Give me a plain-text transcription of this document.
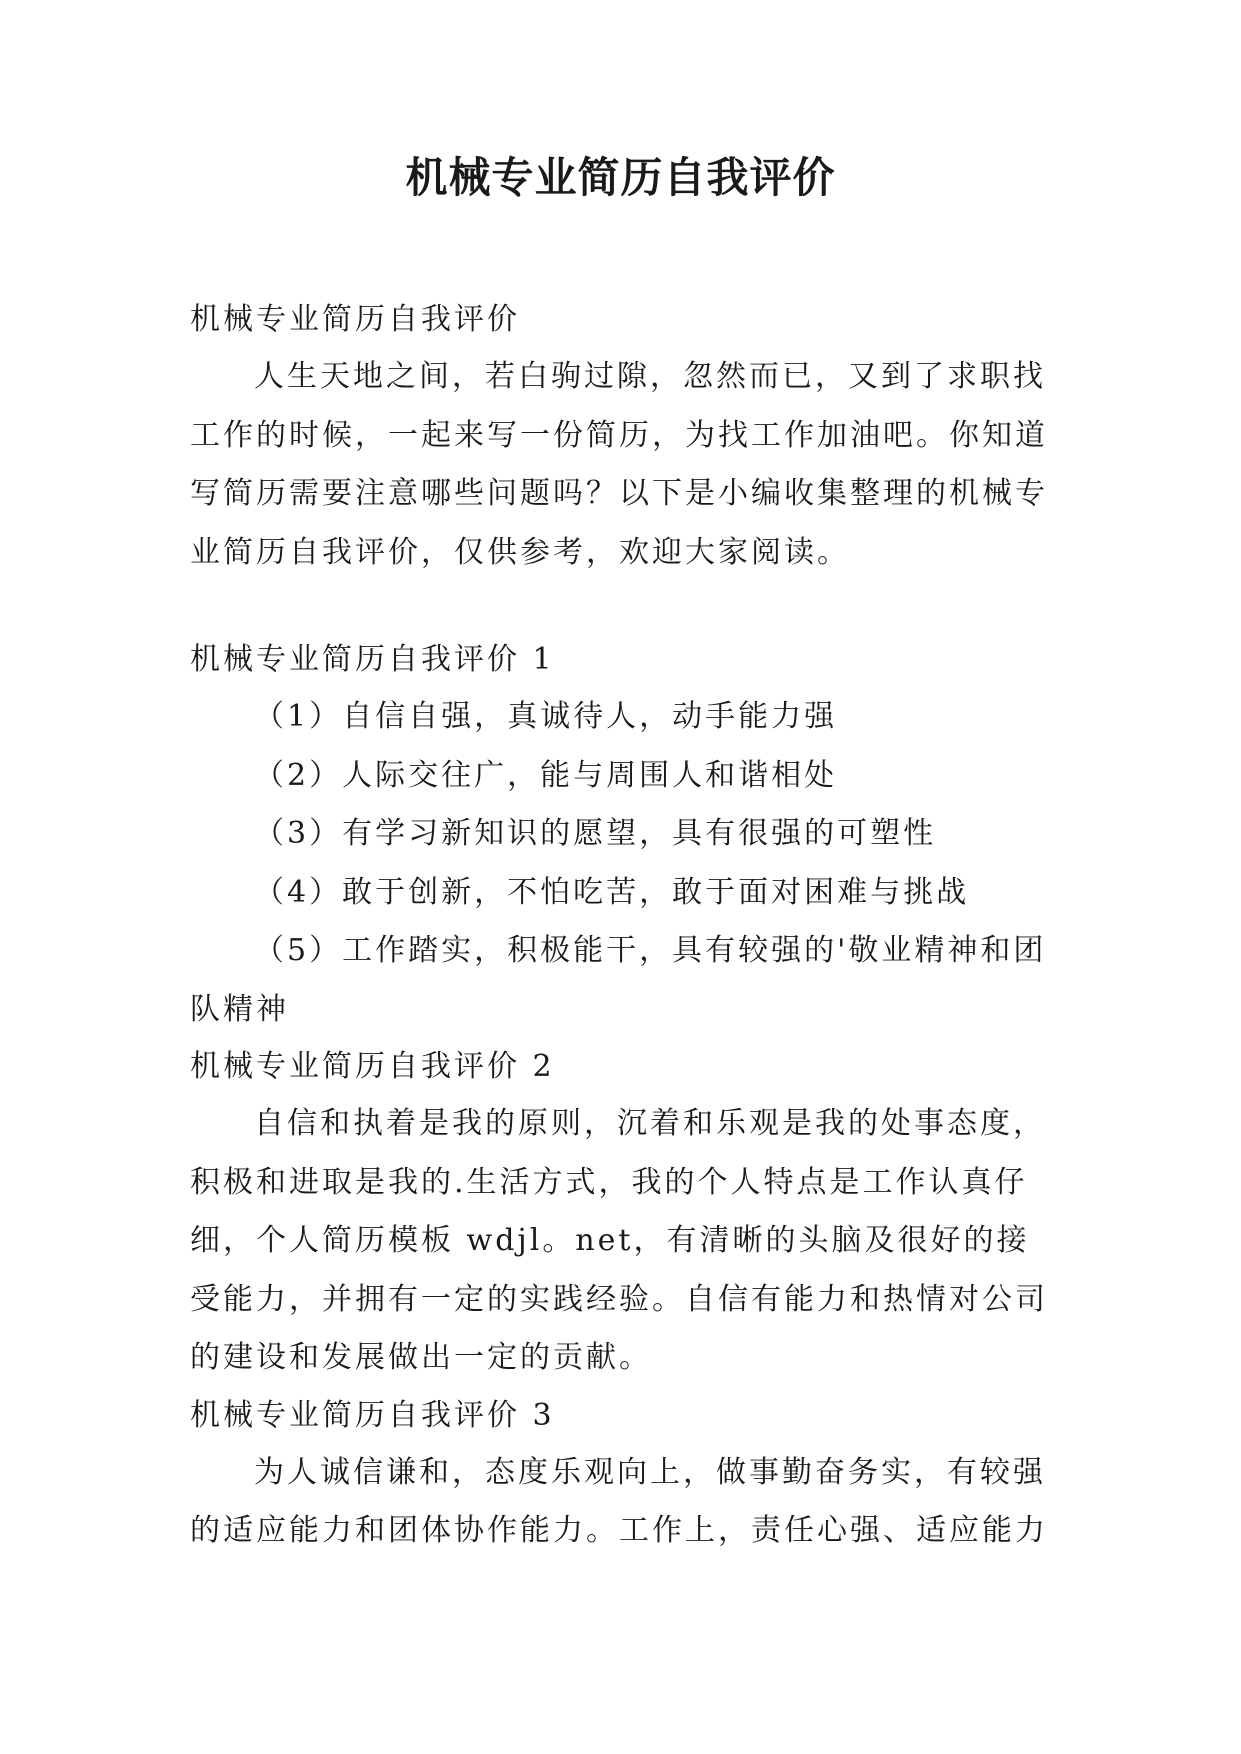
机械专业简历自我评价

机械专业简历自我评价

人生天地之间，若白驹过隙，忽然而已，又到了求职找工作的时候，一起来写一份简历，为找工作加油吧。你知道写简历需要注意哪些问题吗？以下是小编收集整理的机械专业简历自我评价，仅供参考，欢迎大家阅读。

机械专业简历自我评价 1

（1）自信自强，真诚待人，动手能力强

（2）人际交往广，能与周围人和谐相处

（3）有学习新知识的愿望，具有很强的可塑性

（4）敢于创新，不怕吃苦，敢于面对困难与挑战

（5）工作踏实，积极能干，具有较强的'敬业精神和团队精神

机械专业简历自我评价 2

自信和执着是我的原则，沉着和乐观是我的处事态度，积极和进取是我的.生活方式，我的个人特点是工作认真仔细，个人简历模板 wdjl。net，有清晰的头脑及很好的接受能力，并拥有一定的实践经验。自信有能力和热情对公司的建设和发展做出一定的贡献。

机械专业简历自我评价 3

为人诚信谦和，态度乐观向上，做事勤奋务实，有较强的适应能力和团体协作能力。工作上，责任心强、适应能力
